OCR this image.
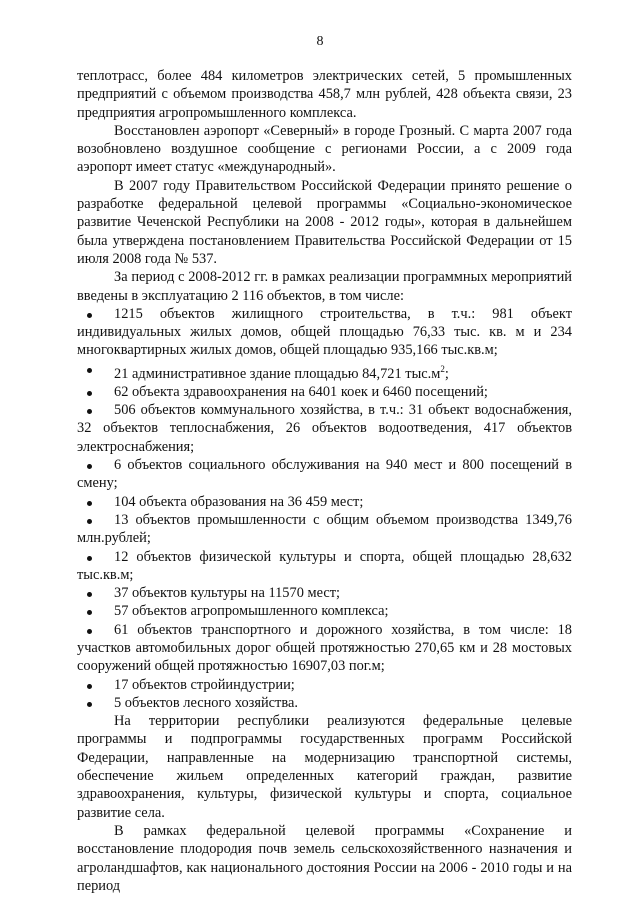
8

теплотрасс, более 484 километров электрических сетей, 5 промышленных предприятий с объемом производства 458,7 млн рублей, 428 объекта связи, 23 предприятия агропромышленного комплекса.

Восстановлен аэропорт «Северный» в городе Грозный. С марта 2007 года возобновлено воздушное сообщение с регионами России, а с 2009 года аэропорт имеет статус «международный».

В 2007 году Правительством Российской Федерации принято решение о разработке федеральной целевой программы «Социально-экономическое развитие Чеченской Республики на 2008 - 2012 годы», которая в дальнейшем была утверждена постановлением Правительства Российской Федерации от 15 июля 2008 года № 537.

За период с 2008-2012 гг. в рамках реализации программных мероприятий введены в эксплуатацию 2 116 объектов, в том числе:

1215 объектов жилищного строительства, в т.ч.: 981 объект индивидуальных жилых домов, общей площадью 76,33 тыс. кв. м и 234 многоквартирных жилых домов, общей площадью 935,166 тыс.кв.м;
21 административное здание площадью 84,721 $тыс.м^2$;
62 объекта здравоохранения на 6401 коек и 6460 посещений;
506 объектов коммунального хозяйства, в т.ч.: 31 объект водоснабжения, 32 объектов теплоснабжения, 26 объектов водоотведения, 417 объектов электроснабжения;
6 объектов социального обслуживания на 940 мест и 800 посещений в смену;
104 объекта образования на 36 459 мест;
13 объектов промышленности с общим объемом производства 1349,76 млн.рублей;
12 объектов физической культуры и спорта, общей площадью 28,632 тыс.кв.м;
37 объектов культуры на 11570 мест;
57 объектов агропромышленного комплекса;
61 объектов транспортного и дорожного хозяйства, в том числе: 18 участков автомобильных дорог общей протяжностью 270,65 км и 28 мостовых сооружений общей протяжностью 16907,03 пог.м;
17 объектов стройиндустрии;
5 объектов лесного хозяйства.

На территории республики реализуются федеральные целевые программы и подпрограммы государственных программ Российской Федерации, направленные на модернизацию транспортной системы, обеспечение жильем определенных категорий граждан, развитие здравоохранения, культуры, физической культуры и спорта, социальное развитие села.

В рамках федеральной целевой программы «Сохранение и восстановление плодородия почв земель сельскохозяйственного назначения и агроландшафтов, как национального достояния России на 2006 - 2010 годы и на период
